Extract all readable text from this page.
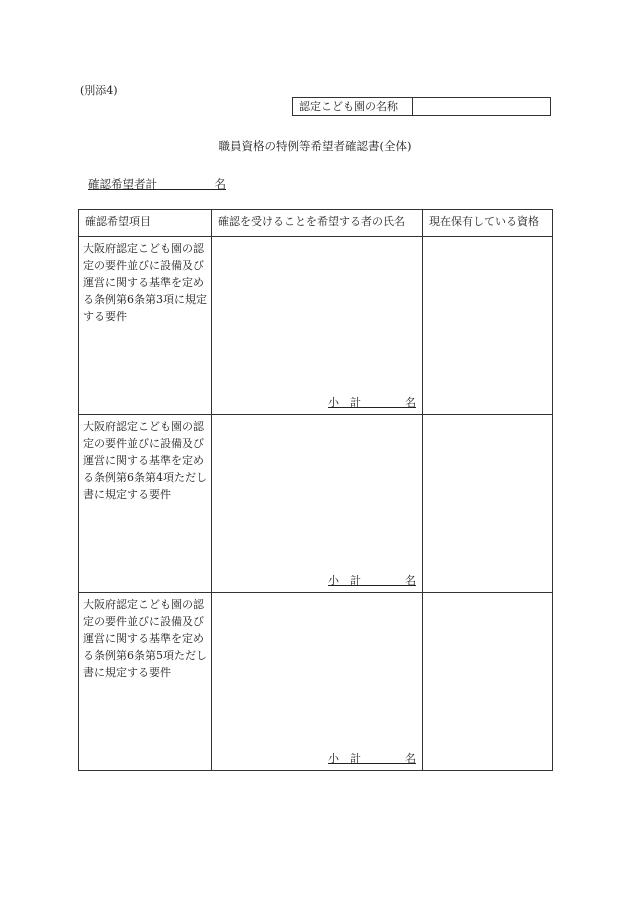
(別添4)
認定こども園の名称
職員資格の特例等希望者確認書(全体)
確認希望者計　　　　　	名
確認希望項目	確認を受けることを希望する者の氏名	現在保有している資格

大阪府認定こども園の認定の要件並びに設備及び運営に関する基準を定める条例第6条第3項に規定する要件	小　計　　　　 名	

大阪府認定こども園の認定の要件並びに設備及び運営に関する基準を定める条例第6条第4項ただし書に規定する要件	小　計　　　　 名	

大阪府認定こども園の認定の要件並びに設備及び運営に関する基準を定める条例第6条第5項ただし書に規定する要件	小　計　　　　 名	
